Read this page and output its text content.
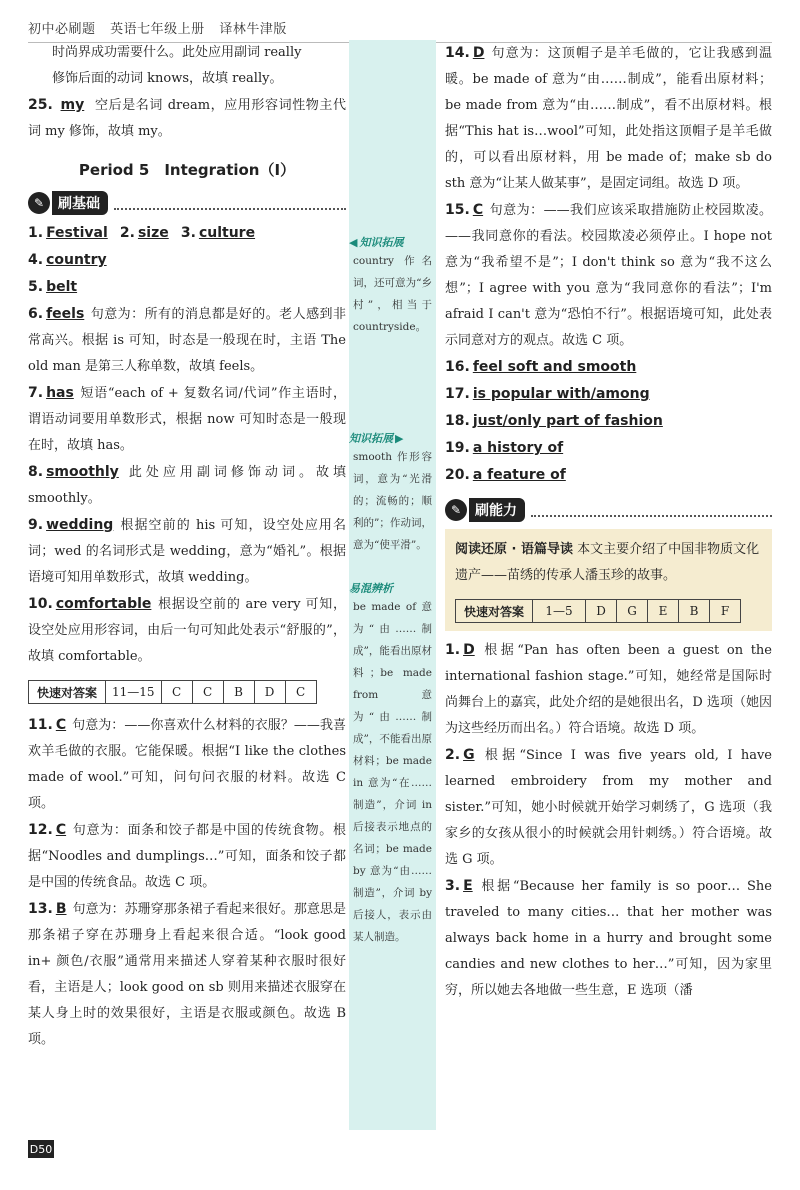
初中必刷题 英语七年级上册 译林牛津版

时尚界成功需要什么。此处应用副词 really

修饰后面的动词 knows，故填 really。

25. my 空后是名词 dream，应用形容词性物主代词 my 修饰，故填 my。

Period 5　Integration（Ⅰ）
✎ 刷基础

1. Festival 2. size 3. culture 4. country

5. belt

6. feels 句意为：所有的消息都是好的。老人感到非常高兴。根据 is 可知，时态是一般现在时，主语 The old man 是第三人称单数，故填 feels。

7. has 短语“each of + 复数名词/代词”作主语时，谓语动词要用单数形式，根据 now 可知时态是一般现在时，故填 has。

8. smoothly 此处应用副词修饰动词。故填 smoothly。

9. wedding 根据空前的 his 可知，设空处应用名词；wed 的名词形式是 wedding，意为“婚礼”。根据语境可知用单数形式，故填 wedding。

10. comfortable 根据设空前的 are very 可知，设空处应用形容词，由后一句可知此处表示“舒服的”，故填 comfortable。

快速对答案	11—15	C	C	B	D	C

11. C 句意为：——你喜欢什么材料的衣服？——我喜欢羊毛做的衣服。它能保暖。根据“I like the clothes made of wool.”可知，问句问衣服的材料。故选 C 项。

12. C 句意为：面条和饺子都是中国的传统食物。根据“Noodles and dumplings…”可知，面条和饺子都是中国的传统食品。故选 C 项。

13. B 句意为：苏珊穿那条裙子看起来很好。那意思是那条裙子穿在苏珊身上看起来很合适。“look good in+ 颜色/衣服”通常用来描述人穿着某种衣服时很好看，主语是人；look good on sb 则用来描述衣服穿在某人身上时的效果很好，主语是衣服或颜色。故选 B 项。

◀ 知识拓展

country 作名词，还可意为“乡村”，相当于 countryside。

知识拓展 ▶

smooth 作形容词，意为“光滑的；流畅的；顺利的”；作动词，意为“使平滑”。

易混辨析

be made of 意为“由……制成”，能看出原材料；be made from 意为“由……制成”，不能看出原材料；be made in 意为“在……制造”，介词 in 后接表示地点的名词；be made by 意为“由……制造”，介词 by 后接人，表示由某人制造。

14. D 句意为：这顶帽子是羊毛做的，它让我感到温暖。be made of 意为“由……制成”，能看出原材料；be made from 意为“由……制成”，看不出原材料。根据“This hat is…wool”可知，此处指这顶帽子是羊毛做的，可以看出原材料，用 be made of；make sb do sth 意为“让某人做某事”，是固定词组。故选 D 项。

15. C 句意为：——我们应该采取措施防止校园欺凌。——我同意你的看法。校园欺凌必须停止。I hope not 意为“我希望不是”；I don't think so 意为“我不这么想”；I agree with you 意为“我同意你的看法”；I'm afraid I can't 意为“恐怕不行”。根据语境可知，此处表示同意对方的观点。故选 C 项。

16. feel soft and smooth

17. is popular with/among

18. just/only part of fashion

19. a history of

20. a feature of

✎ 刷能力

阅读还原 · 语篇导读 本文主要介绍了中国非物质文化遗产——苗绣的传承人潘玉珍的故事。

快速对答案	1—5	D	G	E	B	F

1. D 根据“Pan has often been a guest on the international fashion stage.”可知，她经常是国际时尚舞台上的嘉宾，此处介绍的是她很出名，D 选项（她因为这些经历而出名。）符合语境。故选 D 项。

2. G 根据“Since I was five years old, I have learned embroidery from my mother and sister.”可知，她小时候就开始学习刺绣了，G 选项（我家乡的女孩从很小的时候就会用针刺绣。）符合语境。故选 G 项。

3. E 根据“Because her family is so poor… She traveled to many cities… that her mother was always back home in a hurry and brought some candies and new clothes to her…”可知，因为家里穷，所以她去各地做一些生意，E 选项（潘

D50
